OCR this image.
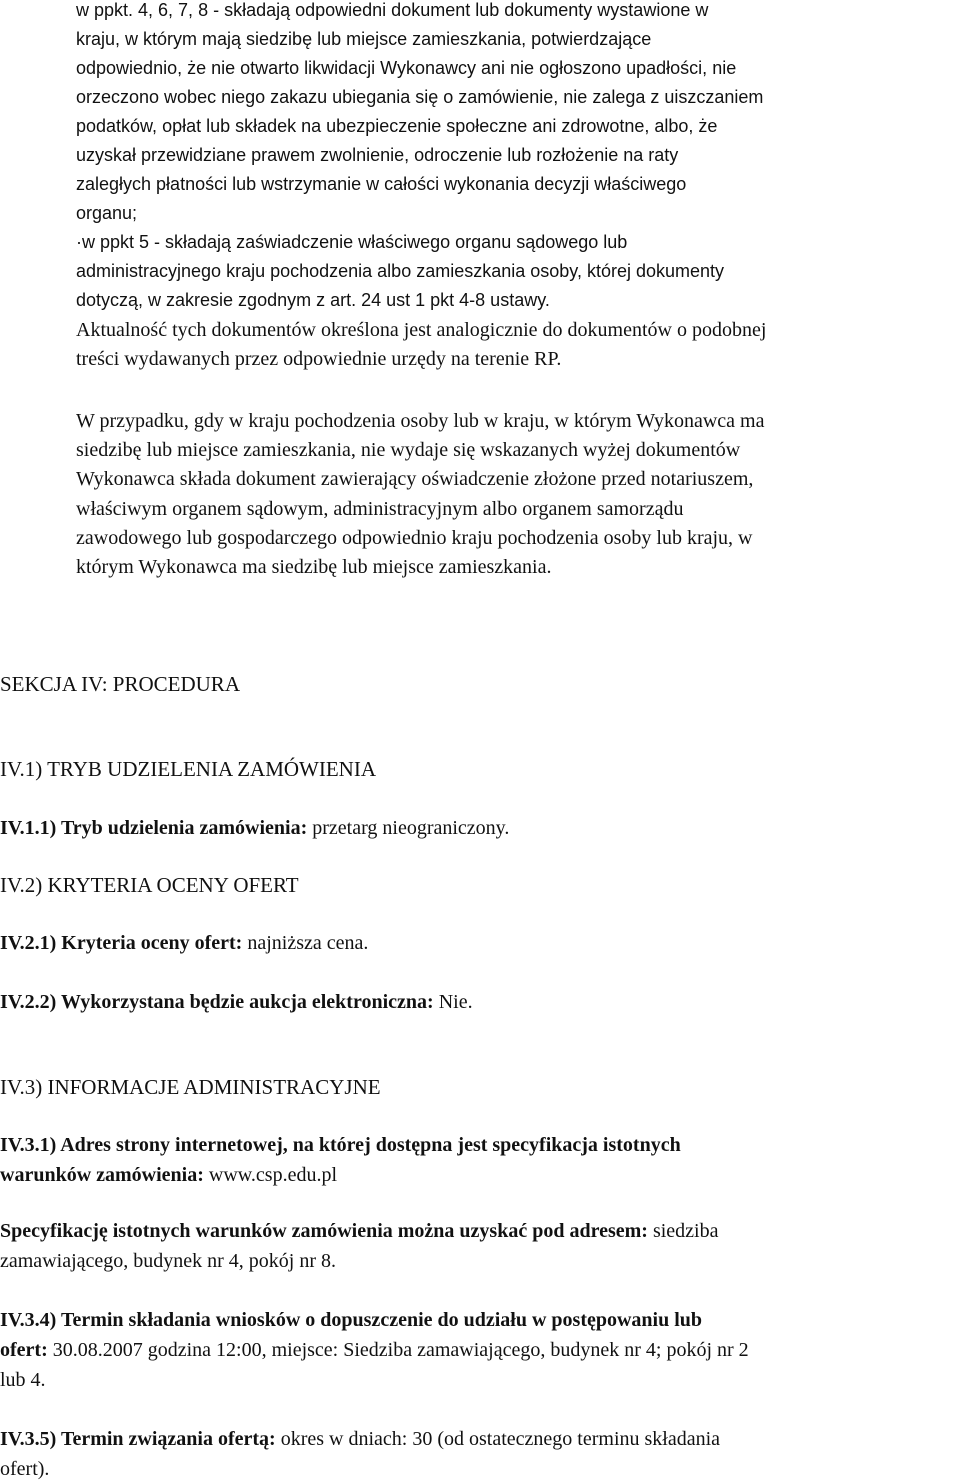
w ppkt. 4, 6, 7, 8 - składają odpowiedni dokument lub dokumenty wystawione w
kraju, w którym mają siedzibę lub miejsce zamieszkania, potwierdzające
odpowiednio, że nie otwarto likwidacji Wykonawcy ani nie ogłoszono upadłości, nie
orzeczono wobec niego zakazu ubiegania się o zamówienie, nie zalega z uiszczaniem
podatków, opłat lub składek na ubezpieczenie społeczne ani zdrowotne, albo, że
uzyskał przewidziane prawem zwolnienie, odroczenie lub rozłożenie na raty
zaległych płatności lub wstrzymanie w całości wykonania decyzji właściwego
organu;
·w ppkt 5 - składają zaświadczenie właściwego organu sądowego lub
administracyjnego kraju pochodzenia albo zamieszkania osoby, której dokumenty
dotyczą, w zakresie zgodnym z art. 24 ust 1 pkt 4-8 ustawy.
Aktualność tych dokumentów określona jest analogicznie do dokumentów o podobnej
treści wydawanych przez odpowiednie urzędy na terenie RP.
W przypadku, gdy w kraju pochodzenia osoby lub w kraju, w którym Wykonawca ma
siedzibę lub miejsce zamieszkania, nie wydaje się wskazanych wyżej dokumentów
Wykonawca składa dokument zawierający oświadczenie złożone przed notariuszem,
właściwym organem sądowym, administracyjnym albo organem samorządu
zawodowego lub gospodarczego odpowiednio kraju pochodzenia osoby lub kraju, w
którym Wykonawca ma siedzibę lub miejsce zamieszkania.
SEKCJA IV: PROCEDURA
IV.1) TRYB UDZIELENIA ZAMÓWIENIA
IV.1.1) Tryb udzielenia zamówienia: przetarg nieograniczony.
IV.2) KRYTERIA OCENY OFERT
IV.2.1) Kryteria oceny ofert: najniższa cena.
IV.2.2) Wykorzystana będzie aukcja elektroniczna: Nie.
IV.3) INFORMACJE ADMINISTRACYJNE
IV.3.1) Adres strony internetowej, na której dostępna jest specyfikacja istotnych
warunków zamówienia: www.csp.edu.pl
Specyfikację istotnych warunków zamówienia można uzyskać pod adresem: siedziba
zamawiającego, budynek nr 4, pokój nr 8.
IV.3.4) Termin składania wniosków o dopuszczenie do udziału w postępowaniu lub
ofert: 30.08.2007 godzina 12:00, miejsce: Siedziba zamawiającego, budynek nr 4; pokój nr 2
lub 4.
IV.3.5) Termin związania ofertą: okres w dniach: 30 (od ostatecznego terminu składania
ofert).
